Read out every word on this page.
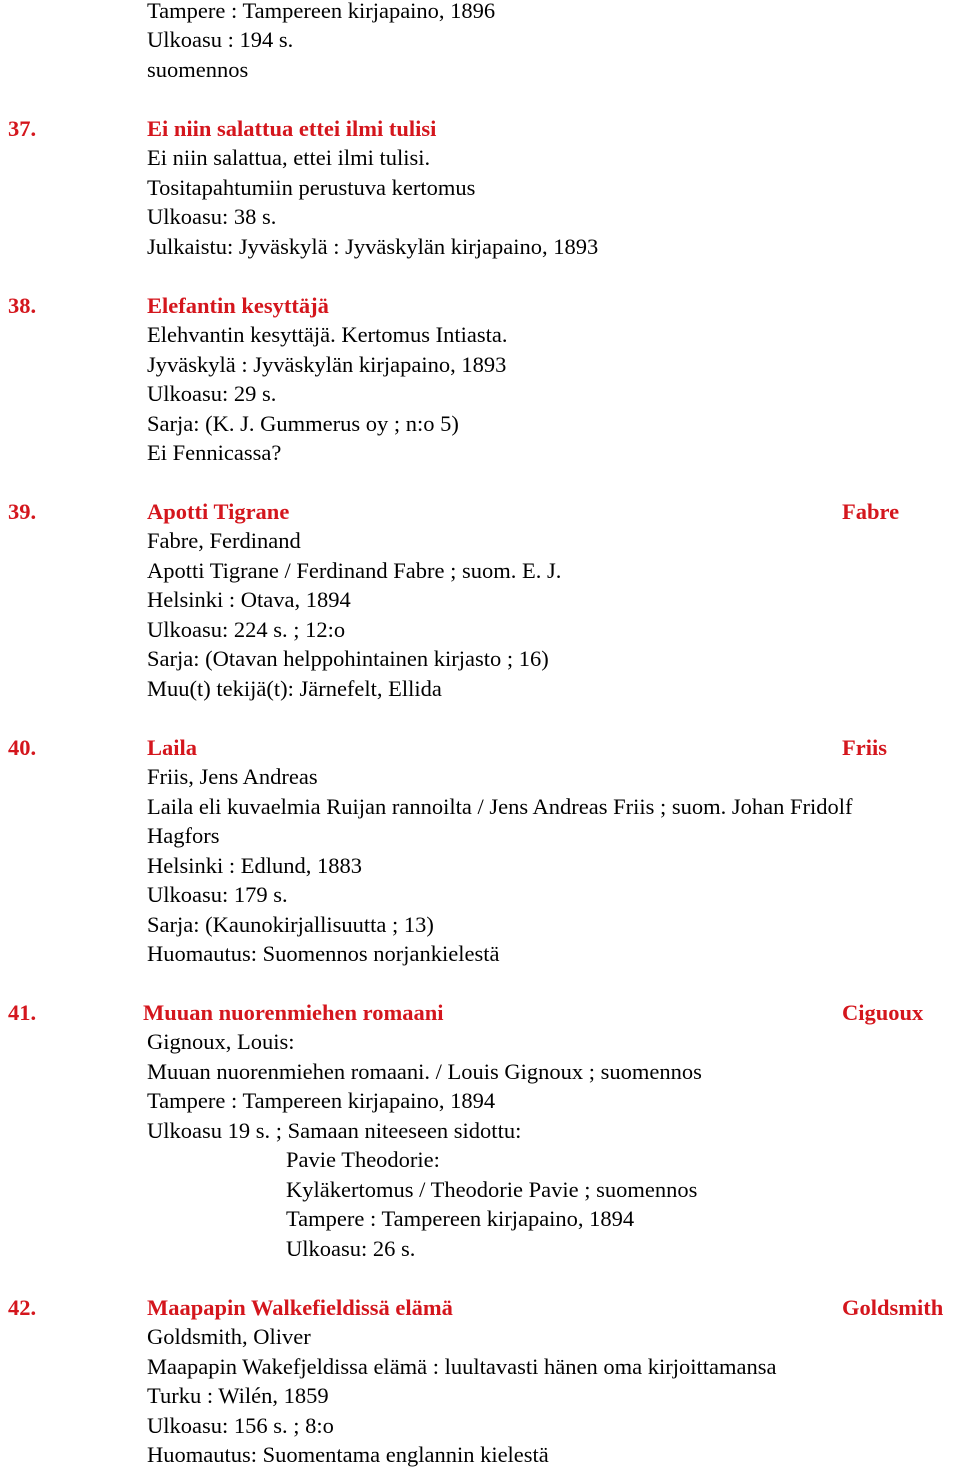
Tampere : Tampereen kirjapaino, 1896
Ulkoasu : 194 s.
suomennos
37.	Ei niin salattua ettei ilmi tulisi
Ei niin salattua, ettei ilmi tulisi.
Tositapahtumiin perustuva kertomus
Ulkoasu: 38 s.
Julkaistu: Jyväskylä : Jyväskylän kirjapaino, 1893
38.	Elefantin kesyttäjä
Elehvantin kesyttäjä. Kertomus Intiasta.
Jyväskylä : Jyväskylän kirjapaino, 1893
Ulkoasu: 29 s.
Sarja: (K. J. Gummerus oy ; n:o 5)
Ei Fennicassa?
39.	Apotti Tigrane	Fabre
Fabre, Ferdinand
Apotti Tigrane / Ferdinand Fabre ; suom. E. J.
Helsinki : Otava, 1894
Ulkoasu: 224 s. ; 12:o
Sarja: (Otavan helppohintainen kirjasto ; 16)
Muu(t) tekijä(t): Järnefelt, Ellida
40.	Laila	Friis
Friis, Jens Andreas
Laila eli kuvaelmia Ruijan rannoilta / Jens Andreas Friis ; suom. Johan Fridolf
Hagfors
Helsinki : Edlund, 1883
Ulkoasu: 179 s.
Sarja: (Kaunokirjallisuutta ; 13)
Huomautus: Suomennos norjankielestä
41.	Muuan nuorenmiehen romaani	Ciguoux
Gignoux, Louis:
Muuan nuorenmiehen romaani. / Louis Gignoux ; suomennos
Tampere : Tampereen kirjapaino, 1894
Ulkoasu 19 s. ; Samaan niteeseen sidottu:
Pavie Theodorie:
Kyläkertomus / Theodorie Pavie ; suomennos
Tampere : Tampereen kirjapaino, 1894
Ulkoasu: 26 s.
42.	Maapapin Walkefieldissä elämä	Goldsmith
Goldsmith, Oliver
Maapapin Wakefjeldissa elämä : luultavasti hänen oma kirjoittamansa
Turku : Wilén, 1859
Ulkoasu: 156 s. ; 8:o
Huomautus: Suomentama englannin kielestä
